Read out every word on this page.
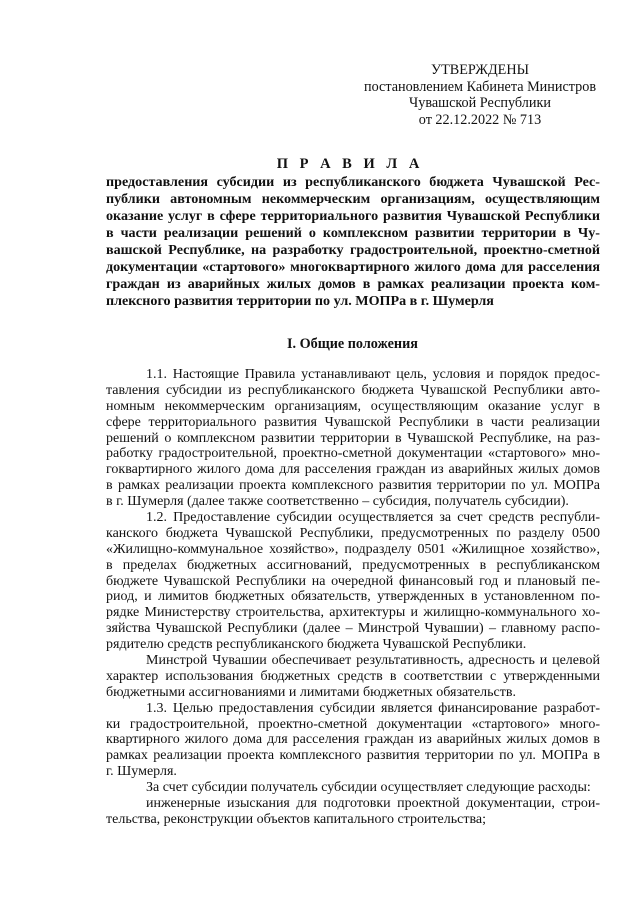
УТВЕРЖДЕНЫ
постановлением Кабинета Министров
Чувашской Республики
от 22.12.2022 № 713
П Р А В И Л А
предоставления субсидии из республиканского бюджета Чувашской Рес-
публики автономным некоммерческим организациям, осуществляющим
оказание услуг в сфере территориального развития Чувашской Республики
в части реализации решений о комплексном развитии территории в Чу-
вашской Республике, на разработку градостроительной, проектно-сметной
документации «стартового» многоквартирного жилого дома для расселения
граждан из аварийных жилых домов в рамках реализации проекта ком-
плексного развития территории по ул. МОПРа в г. Шумерля
I. Общие положения
1.1. Настоящие Правила устанавливают цель, условия и порядок предос-
тавления субсидии из республиканского бюджета Чувашской Республики авто-
номным некоммерческим организациям, осуществляющим оказание услуг в
сфере территориального развития Чувашской Республики в части реализации
решений о комплексном развитии территории в Чувашской Республике, на раз-
работку градостроительной, проектно-сметной документации «стартового» мно-
гоквартирного жилого дома для расселения граждан из аварийных жилых домов
в рамках реализации проекта комплексного развития территории по ул. МОПРа
в г. Шумерля (далее также соответственно – субсидия, получатель субсидии).
1.2. Предоставление субсидии осуществляется за счет средств республи-
канского бюджета Чувашской Республики, предусмотренных по разделу 0500
«Жилищно-коммунальное хозяйство», подразделу 0501 «Жилищное хозяйство»,
в пределах бюджетных ассигнований, предусмотренных в республиканском
бюджете Чувашской Республики на очередной финансовый год и плановый пе-
риод, и лимитов бюджетных обязательств, утвержденных в установленном по-
рядке Министерству строительства, архитектуры и жилищно-коммунального хо-
зяйства Чувашской Республики (далее – Минстрой Чувашии) – главному распо-
рядителю средств республиканского бюджета Чувашской Республики.
Минстрой Чувашии обеспечивает результативность, адресность и целевой
характер использования бюджетных средств в соответствии с утвержденными
бюджетными ассигнованиями и лимитами бюджетных обязательств.
1.3. Целью предоставления субсидии является финансирование разработ-
ки градостроительной, проектно-сметной документации «стартового» много-
квартирного жилого дома для расселения граждан из аварийных жилых домов в
рамках реализации проекта комплексного развития территории по ул. МОПРа в
г. Шумерля.
За счет субсидии получатель субсидии осуществляет следующие расходы:
инженерные изыскания для подготовки проектной документации, строи-
тельства, реконструкции объектов капитального строительства;
